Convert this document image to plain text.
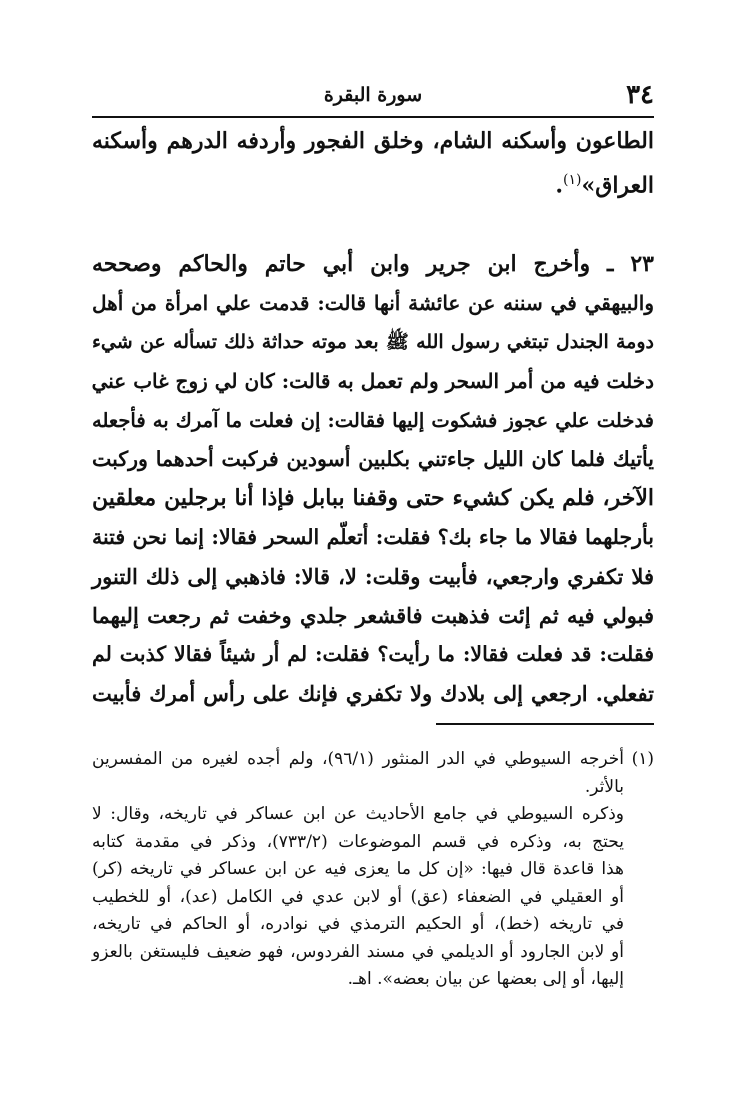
٣٤
سورة البقرة
الطاعون وأسكنه الشام، وخلق الفجور وأردفه الدرهم وأسكنه
العراق»$^{(١)}$.
٢٣ ـ وأخرج ابن جرير وابن أبي حاتم والحاكم وصححه
والبيهقي في سننه عن عائشة أنها قالت: قدمت علي امرأة من أهل
دومة الجندل تبتغي رسول الله ﷺ بعد موته حداثة ذلك تسأله عن شيء
دخلت فيه من أمر السحر ولم تعمل به قالت: كان لي زوج غاب عني
فدخلت علي عجوز فشكوت إليها فقالت: إن فعلت ما آمرك به فأجعله
يأتيك فلما كان الليل جاءتني بكلبين أسودين فركبت أحدهما وركبت
الآخر، فلم يكن كشيء حتى وقفنا ببابل فإذا أنا برجلين معلقين
بأرجلهما فقالا ما جاء بك؟ فقلت: أتعلّم السحر فقالا: إنما نحن فتنة
فلا تكفري وارجعي، فأبيت وقلت: لا، قالا: فاذهبي إلى ذلك التنور
فبولي فيه ثم إئت فذهبت فاقشعر جلدي وخفت ثم رجعت إليهما
فقلت: قد فعلت فقالا: ما رأيت؟ فقلت: لم أر شيئاً فقالا كذبت لم
تفعلي. ارجعي إلى بلادك ولا تكفري فإنك على رأس أمرك فأبيت
(١)
أخرجه السيوطي في الدر المنثور (٩٦/١)، ولم أجده لغيره من المفسرين
بالأثر.
وذكره السيوطي في جامع الأحاديث عن ابن عساكر في تاريخه، وقال: لا
يحتج به، وذكره في قسم الموضوعات (٧٣٣/٢)، وذكر في مقدمة كتابه
هذا قاعدة قال فيها: «إن كل ما يعزى فيه عن ابن عساكر في تاريخه (كر)
أو العقيلي في الضعفاء (عق) أو لابن عدي في الكامل (عد)، أو للخطيب
في تاريخه (خط)، أو الحكيم الترمذي في نوادره، أو الحاكم في تاريخه،
أو لابن الجارود أو الديلمي في مسند الفردوس، فهو ضعيف فليستغن بالعزو
إليها، أو إلى بعضها عن بيان بعضه». اهـ.
